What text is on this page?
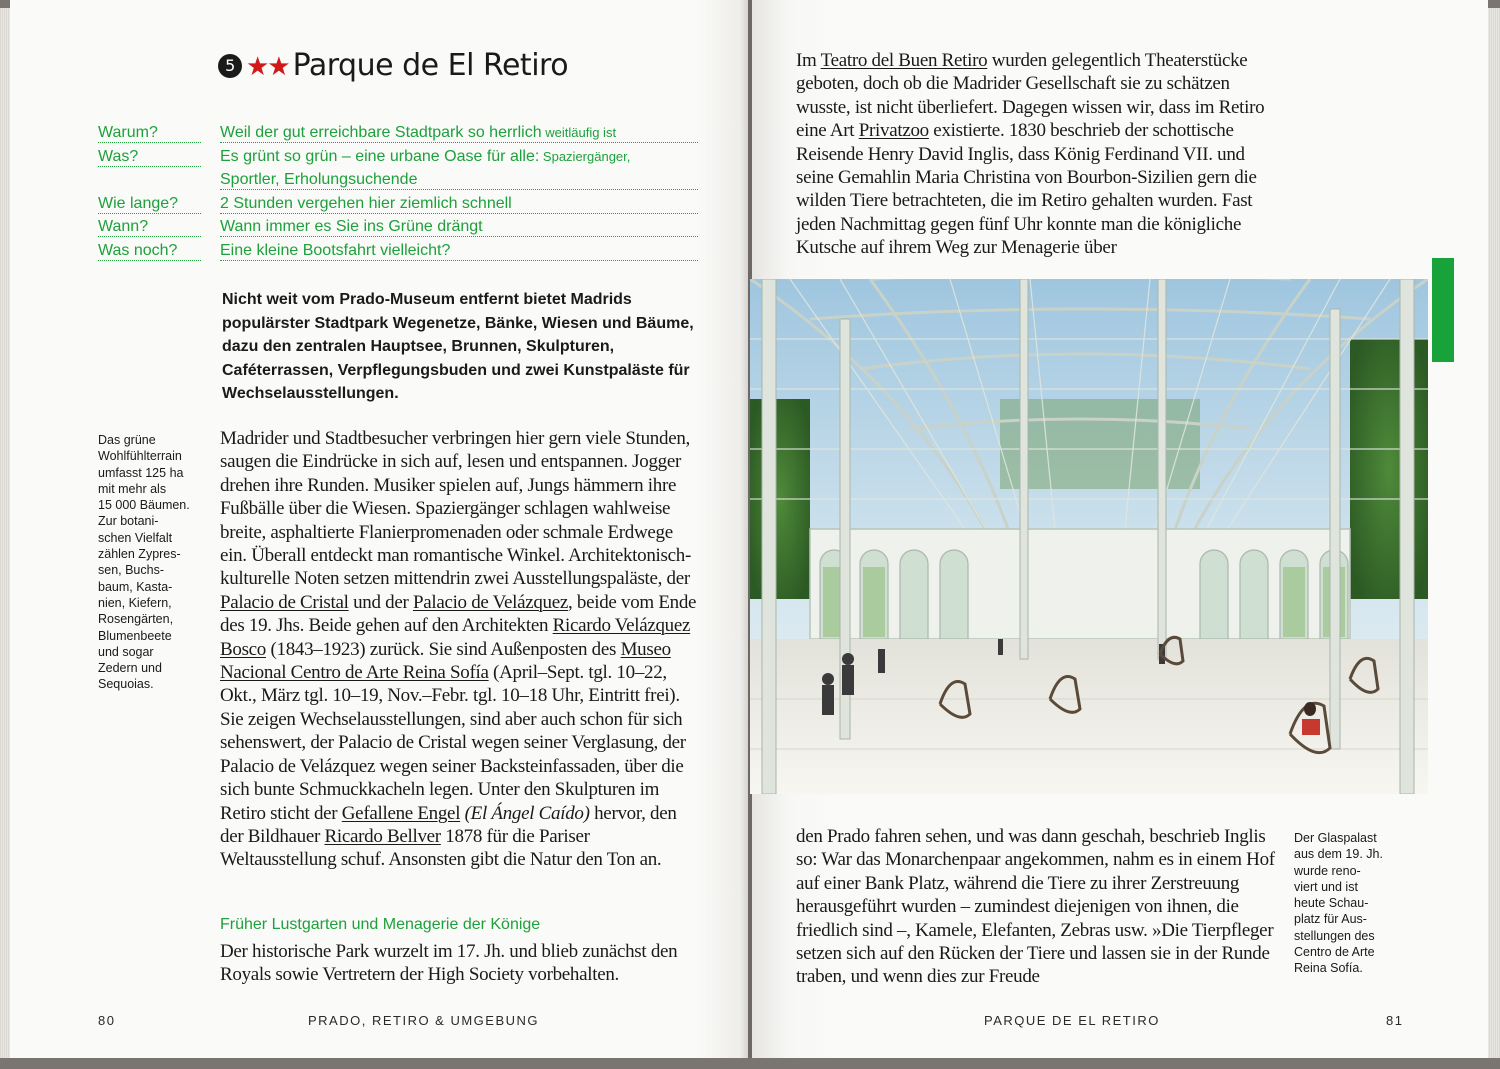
5 ★★ Parque de El Retiro
Warum?	Weil der gut erreichbare Stadtpark so herrlich weitläufig ist
Was?	Es grünt so grün – eine urbane Oase für alle: Spaziergänger,
Sportler, Erholungsuchende
Wie lange?	2 Stunden vergehen hier ziemlich schnell
Wann?	Wann immer es Sie ins Grüne drängt
Was noch?	Eine kleine Bootsfahrt vielleicht?

Nicht weit vom Prado-Museum entfernt bietet Madrids populärster Stadtpark Wegenetze, Bänke, Wiesen und Bäume, dazu den zentralen Hauptsee, Brunnen, Skulpturen, Caféterrassen, Verpflegungsbuden und zwei Kunstpaläste für Wechselausstellungen.

Das grüne
Wohlfühlterrain
umfasst 125 ha
mit mehr als
15 000 Bäumen.
Zur botani-
schen Vielfalt
zählen Zypres-
sen, Buchs-
baum, Kasta-
nien, Kiefern,
Rosengärten,
Blumenbeete
und sogar
Zedern und
Sequoias.

Madrider und Stadtbesucher verbringen hier gern viele Stunden, saugen die Eindrücke in sich auf, lesen und entspannen. Jogger drehen ihre Runden. Musiker spielen auf, Jungs hämmern ihre Fußbälle über die Wiesen. Spaziergänger schlagen wahlweise breite, asphaltierte Flanierpromenaden oder schmale Erdwege ein. Überall entdeckt man romantische Winkel. Architektonisch-kulturelle Noten setzen mittendrin zwei Ausstellungspaläste, der Palacio de Cristal und der Palacio de Velázquez, beide vom Ende des 19. Jhs. Beide gehen auf den Architekten Ricardo Velázquez Bosco (1843–1923) zurück. Sie sind Außenposten des Museo Nacional Centro de Arte Reina Sofía (April–Sept. tgl. 10–22, Okt., März tgl. 10–19, Nov.–Febr. tgl. 10–18 Uhr, Eintritt frei). Sie zeigen Wechselausstellungen, sind aber auch schon für sich sehenswert, der Palacio de Cristal wegen seiner Verglasung, der Palacio de Velázquez wegen seiner Backsteinfassaden, über die sich bunte Schmuckkacheln legen. Unter den Skulpturen im Retiro sticht der Gefallene Engel (El Ángel Caído) hervor, den der Bildhauer Ricardo Bellver 1878 für die Pariser Weltausstellung schuf. Ansonsten gibt die Natur den Ton an.

Früher Lustgarten und Menagerie der Könige
Der historische Park wurzelt im 17. Jh. und blieb zunächst den Royals sowie Vertretern der High Society vorbehalten.
80	PRADO, RETIRO & UMGEBUNG

Im Teatro del Buen Retiro wurden gelegentlich Theaterstücke geboten, doch ob die Madrider Gesellschaft sie zu schätzen wusste, ist nicht überliefert. Dagegen wissen wir, dass im Retiro eine Art Privatzoo existierte. 1830 beschrieb der schottische Reisende Henry David Inglis, dass König Ferdinand VII. und seine Gemahlin Maria Christina von Bourbon-Sizilien gern die wilden Tiere betrachteten, die im Retiro gehalten wurden. Fast jeden Nachmittag gegen fünf Uhr konnte man die königliche Kutsche auf ihrem Weg zur Menagerie über

den Prado fahren sehen, und was dann geschah, beschrieb Inglis so: War das Monarchenpaar angekommen, nahm es in einem Hof auf einer Bank Platz, während die Tiere zu ihrer Zerstreuung herausgeführt wurden – zumindest diejenigen von ihnen, die friedlich sind –, Kamele, Elefanten, Zebras usw. »Die Tierpfleger setzen sich auf den Rücken der Tiere und lassen sie in der Runde traben, und wenn dies zur Freude
Der Glaspalast
aus dem 19. Jh.
wurde reno-
viert und ist
heute Schau-
platz für Aus-
stellungen des
Centro de Arte
Reina Sofía.
PARQUE DE EL RETIRO	81
